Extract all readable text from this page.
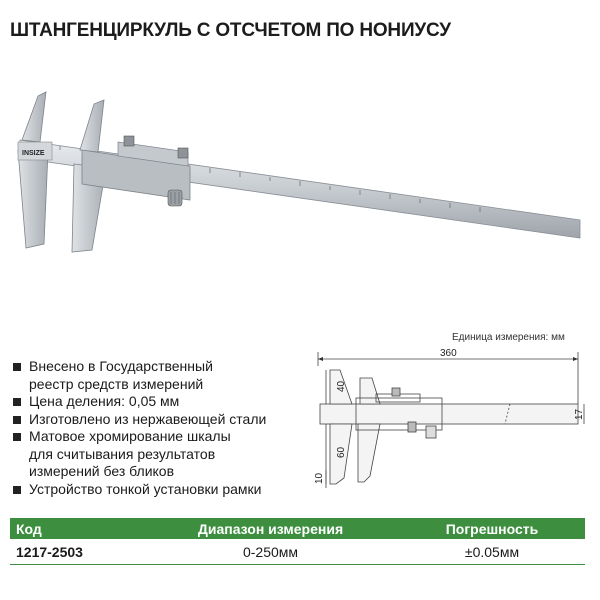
ШТАНГЕНЦИРКУЛЬ С ОТСЧЕТОМ ПО НОНИУСУ
INSIZE
Единица измерения: мм
Внесено в Государственный
реестр средств измерений
Цена деления: 0,05 мм
Изготовлено из нержавеющей стали
Матовое хромирование шкалы
для считывания результатов
измерений без бликов
Устройство тонкой установки рамки
360
40
60
10
17
Код	Диапазон измерения	Погрешность
1217-2503	0-250мм	±0.05мм
